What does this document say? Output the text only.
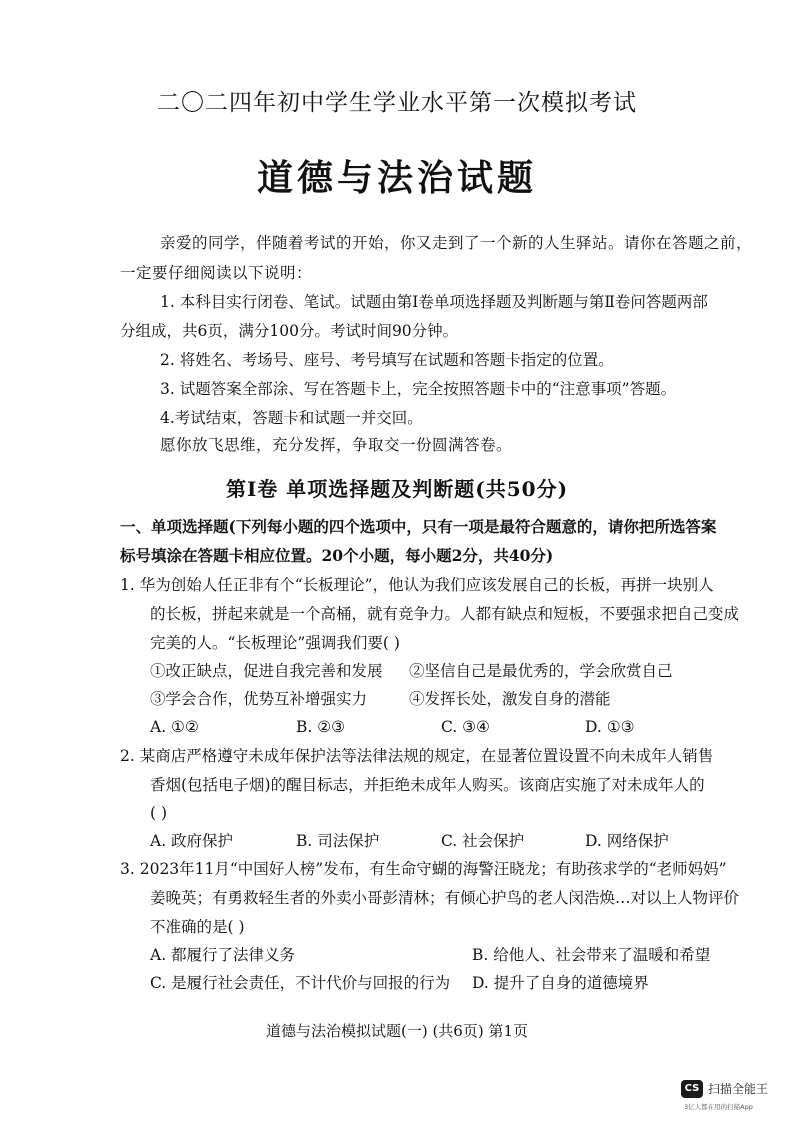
二〇二四年初中学生学业水平第一次模拟考试
道德与法治试题
亲爱的同学，伴随着考试的开始，你又走到了一个新的人生驿站。请你在答题之前，
一定要仔细阅读以下说明：
1. 本科目实行闭卷、笔试。试题由第Ⅰ卷单项选择题及判断题与第Ⅱ卷问答题两部
分组成，共6页，满分100分。考试时间90分钟。
2. 将姓名、考场号、座号、考号填写在试题和答题卡指定的位置。
3. 试题答案全部涂、写在答题卡上，完全按照答题卡中的“注意事项”答题。
4.考试结束，答题卡和试题一并交回。
愿你放飞思维，充分发挥，争取交一份圆满答卷。
第Ⅰ卷 单项选择题及判断题(共50分)
一、单项选择题(下列每小题的四个选项中，只有一项是最符合题意的，请你把所选答案
标号填涂在答题卡相应位置。20个小题，每小题2分，共40分)
1. 华为创始人任正非有个“长板理论”，他认为我们应该发展自己的长板，再拼一块别人
的长板，拼起来就是一个高桶，就有竞争力。人都有缺点和短板，不要强求把自己变成
完美的人。“长板理论”强调我们要( )
①改正缺点，促进自我完善和发展 ②坚信自己是最优秀的，学会欣赏自己
③学会合作，优势互补增强实力	④发挥长处，激发自身的潜能
A. ①②	B. ②③	C. ③④	D. ①③
2. 某商店严格遵守未成年保护法等法律法规的规定，在显著位置设置不向未成年人销售
香烟(包括电子烟)的醒目标志，并拒绝未成年人购买。该商店实施了对未成年人的
( )
A. 政府保护	B. 司法保护	C. 社会保护	D. 网络保护
3. 2023年11月“中国好人榜”发布，有生命守蝴的海警汪晓龙；有助孩求学的“老师妈妈”
姜晚英；有勇救轻生者的外卖小哥彭清林；有倾心护鸟的老人闵浩焕…对以上人物评价
不准确的是( )
A. 都履行了法律义务	B. 给他人、社会带来了温暖和希望
C. 是履行社会责任，不计代价与回报的行为 D. 提升了自身的道德境界
道德与法治模拟试题(一) (共6页) 第1页
CS 扫描全能王
3亿人都在用的扫描App
